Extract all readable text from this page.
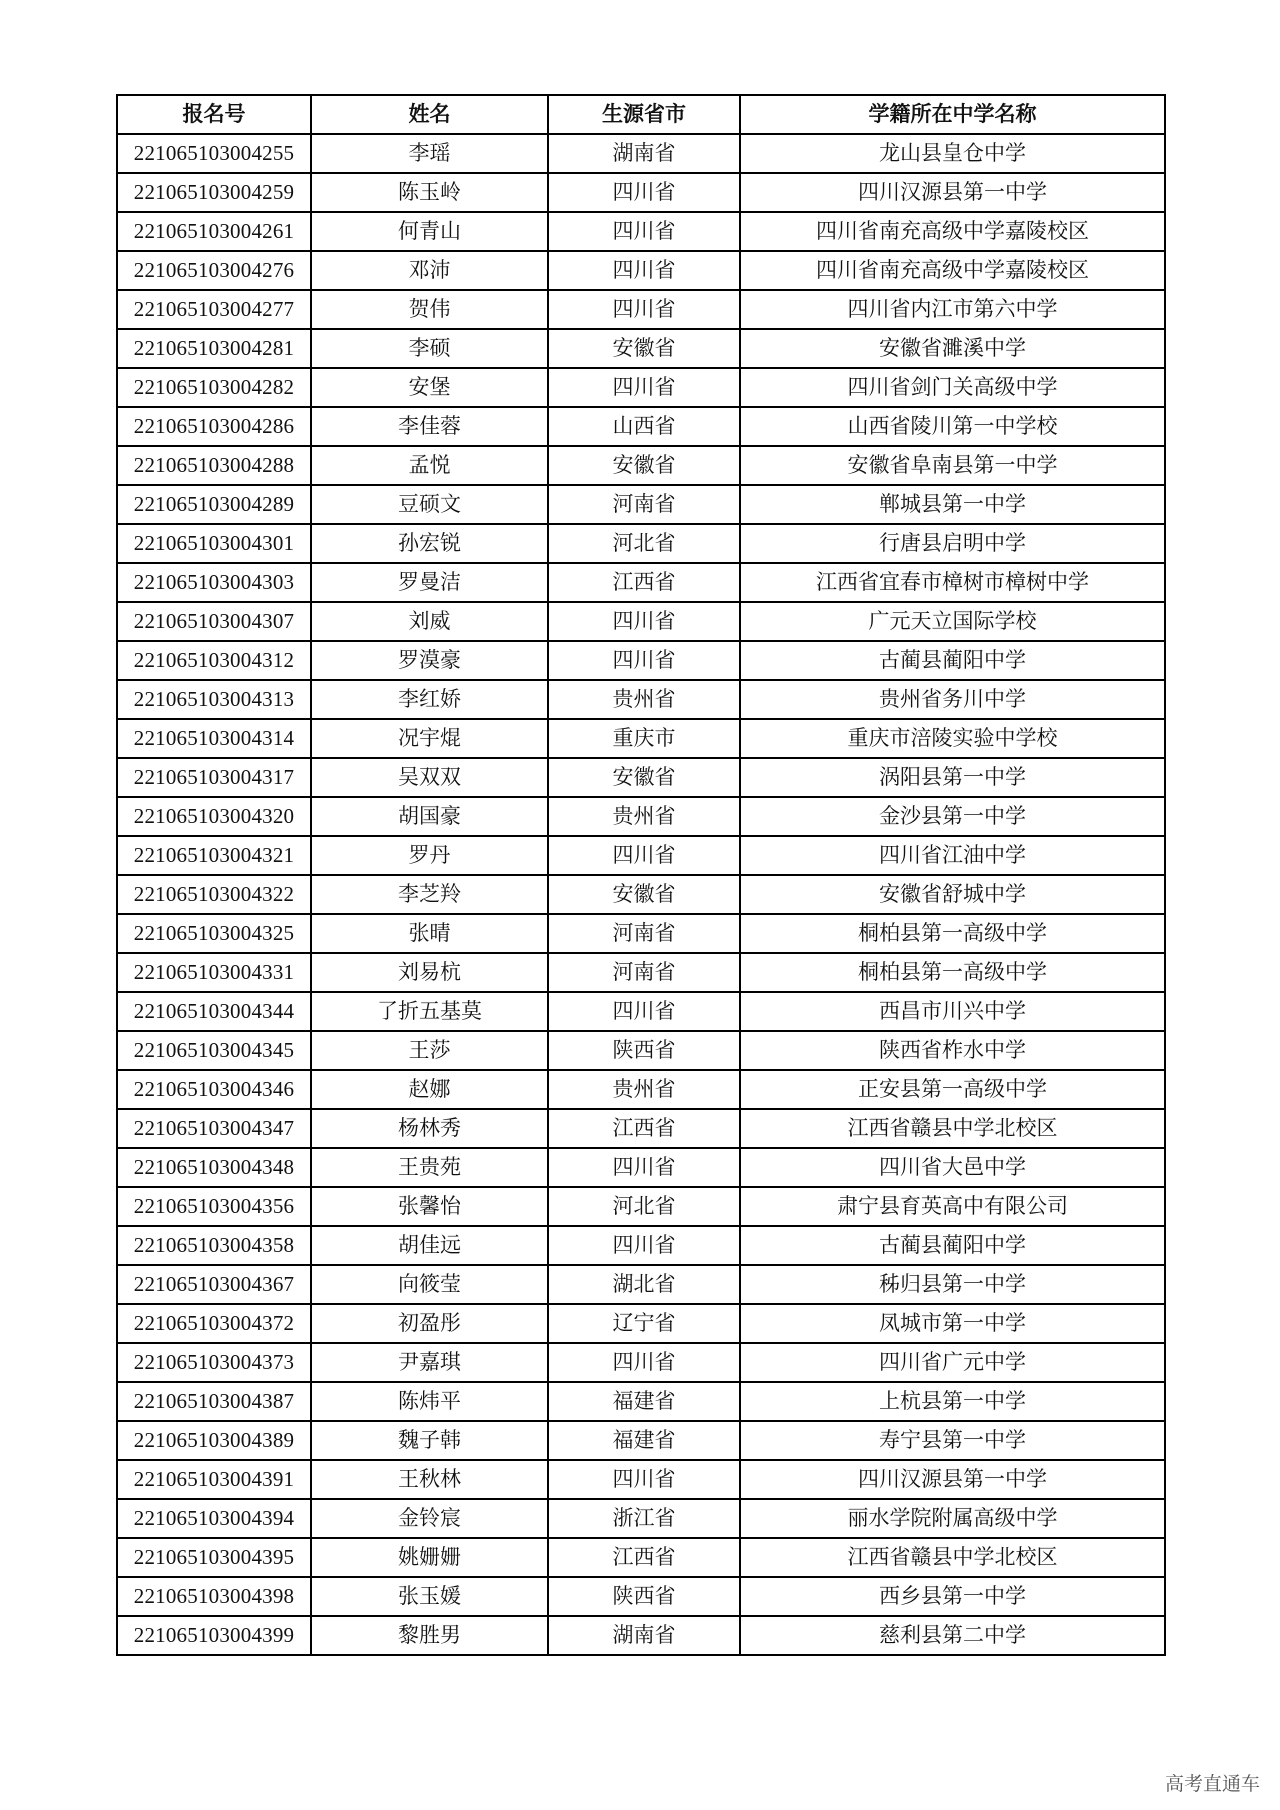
报名号	姓名	生源省市	学籍所在中学名称
221065103004255	李瑶	湖南省	龙山县皇仓中学
221065103004259	陈玉岭	四川省	四川汉源县第一中学
221065103004261	何青山	四川省	四川省南充高级中学嘉陵校区
221065103004276	邓沛	四川省	四川省南充高级中学嘉陵校区
221065103004277	贺伟	四川省	四川省内江市第六中学
221065103004281	李硕	安徽省	安徽省濉溪中学
221065103004282	安堡	四川省	四川省剑门关高级中学
221065103004286	李佳蓉	山西省	山西省陵川第一中学校
221065103004288	孟悦	安徽省	安徽省阜南县第一中学
221065103004289	豆硕文	河南省	郸城县第一中学
221065103004301	孙宏锐	河北省	行唐县启明中学
221065103004303	罗曼洁	江西省	江西省宜春市樟树市樟树中学
221065103004307	刘威	四川省	广元天立国际学校
221065103004312	罗漠豪	四川省	古蔺县蔺阳中学
221065103004313	李红娇	贵州省	贵州省务川中学
221065103004314	况宇焜	重庆市	重庆市涪陵实验中学校
221065103004317	吴双双	安徽省	涡阳县第一中学
221065103004320	胡国豪	贵州省	金沙县第一中学
221065103004321	罗丹	四川省	四川省江油中学
221065103004322	李芝羚	安徽省	安徽省舒城中学
221065103004325	张晴	河南省	桐柏县第一高级中学
221065103004331	刘易杭	河南省	桐柏县第一高级中学
221065103004344	了折五基莫	四川省	西昌市川兴中学
221065103004345	王莎	陕西省	陕西省柞水中学
221065103004346	赵娜	贵州省	正安县第一高级中学
221065103004347	杨林秀	江西省	江西省赣县中学北校区
221065103004348	王贵苑	四川省	四川省大邑中学
221065103004356	张馨怡	河北省	肃宁县育英高中有限公司
221065103004358	胡佳远	四川省	古蔺县蔺阳中学
221065103004367	向筱莹	湖北省	秭归县第一中学
221065103004372	初盈彤	辽宁省	凤城市第一中学
221065103004373	尹嘉琪	四川省	四川省广元中学
221065103004387	陈炜平	福建省	上杭县第一中学
221065103004389	魏子韩	福建省	寿宁县第一中学
221065103004391	王秋林	四川省	四川汉源县第一中学
221065103004394	金铃宸	浙江省	丽水学院附属高级中学
221065103004395	姚姗姗	江西省	江西省赣县中学北校区
221065103004398	张玉媛	陕西省	西乡县第一中学
221065103004399	黎胜男	湖南省	慈利县第二中学
高考直通车
